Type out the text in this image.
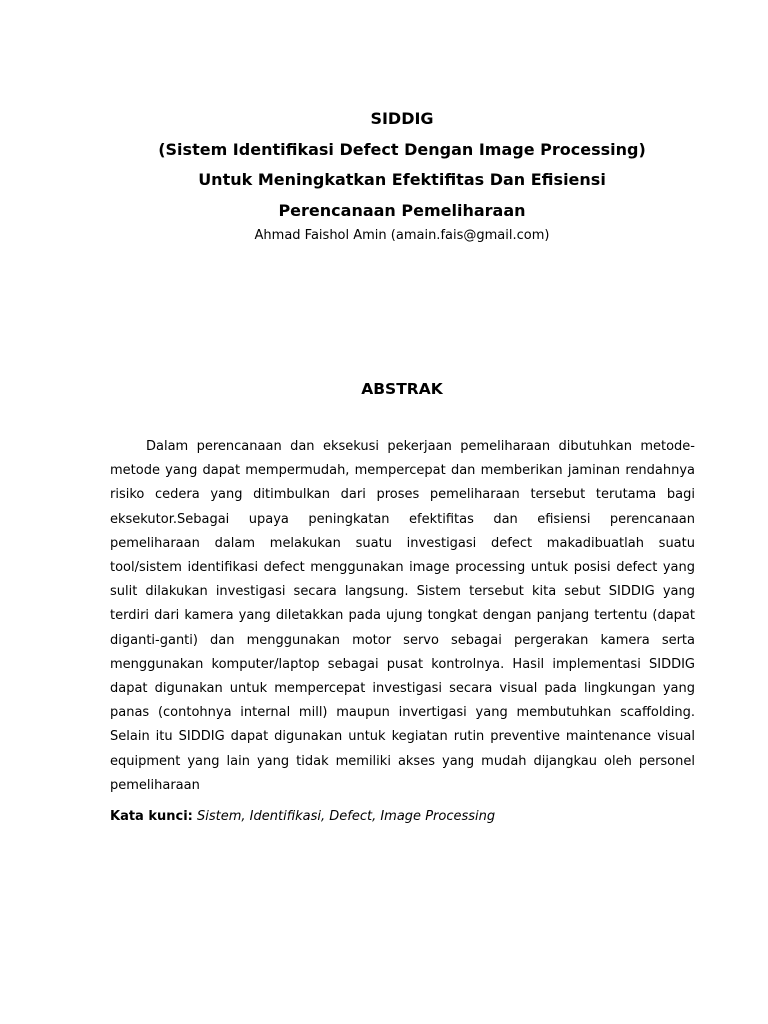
SIDDIG
(Sistem Identifikasi Defect Dengan Image Processing)
Untuk Meningkatkan Efektifitas Dan Efisiensi
Perencanaan Pemeliharaan
Ahmad Faishol Amin (amain.fais@gmail.com)
ABSTRAK

Dalam perencanaan dan eksekusi pekerjaan pemeliharaan dibutuhkan metode-metode yang dapat mempermudah, mempercepat dan memberikan jaminan rendahnya risiko cedera yang ditimbulkan dari proses pemeliharaan tersebut terutama bagi eksekutor.Sebagai upaya peningkatan efektifitas dan efisiensi perencanaan pemeliharaan dalam melakukan suatu investigasi defect makadibuatlah suatu tool/sistem identifikasi defect menggunakan image processing untuk posisi defect yang sulit dilakukan investigasi secara langsung. Sistem tersebut kita sebut SIDDIG yang terdiri dari kamera yang diletakkan pada ujung tongkat dengan panjang tertentu (dapat diganti-ganti) dan menggunakan motor servo sebagai pergerakan kamera serta menggunakan komputer/laptop sebagai pusat kontrolnya. Hasil implementasi SIDDIG dapat digunakan untuk mempercepat investigasi secara visual pada lingkungan yang panas (contohnya internal mill) maupun invertigasi yang membutuhkan scaffolding. Selain itu SIDDIG dapat digunakan untuk kegiatan rutin preventive maintenance visual equipment yang lain yang tidak memiliki akses yang mudah dijangkau oleh personel pemeliharaan

Kata kunci: Sistem, Identifikasi, Defect, Image Processing
